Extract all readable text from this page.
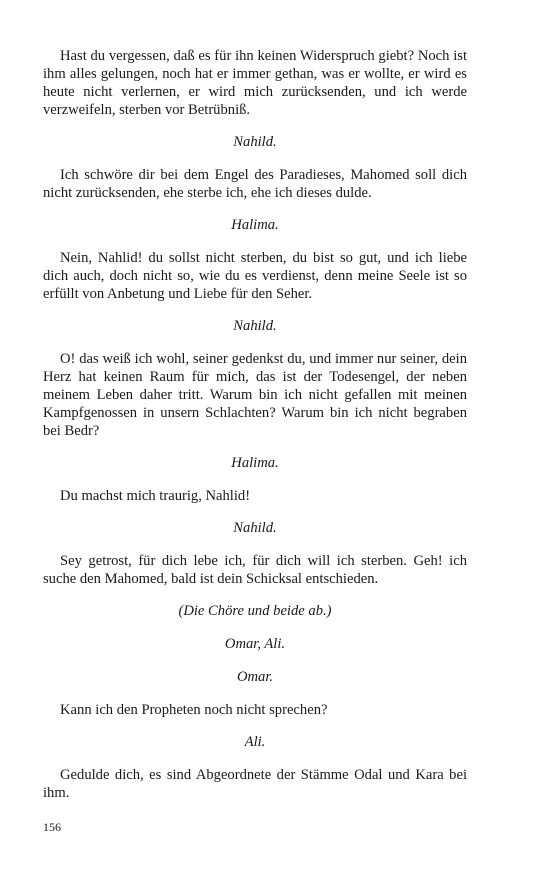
Hast du vergessen, daß es für ihn keinen Widerspruch giebt? Noch ist ihm alles gelungen, noch hat er immer gethan, was er wollte, er wird es heute nicht verlernen, er wird mich zurücksenden, und ich werde verzweifeln, sterben vor Betrübniß.

Nahild.

Ich schwöre dir bei dem Engel des Paradieses, Mahomed soll dich nicht zurücksenden, ehe sterbe ich, ehe ich dieses dulde.

Halima.

Nein, Nahlid! du sollst nicht sterben, du bist so gut, und ich liebe dich auch, doch nicht so, wie du es verdienst, denn meine Seele ist so erfüllt von Anbetung und Liebe für den Seher.

Nahild.

O! das weiß ich wohl, seiner gedenkst du, und immer nur seiner, dein Herz hat keinen Raum für mich, das ist der Todesengel, der neben meinem Leben daher tritt. Warum bin ich nicht gefallen mit meinen Kampfgenossen in unsern Schlachten? Warum bin ich nicht begraben bei Bedr?

Halima.

Du machst mich traurig, Nahlid!

Nahild.

Sey getrost, für dich lebe ich, für dich will ich sterben. Geh! ich suche den Mahomed, bald ist dein Schicksal entschieden.

(Die Chöre und beide ab.)

Omar, Ali.

Omar.

Kann ich den Propheten noch nicht sprechen?

Ali.

Gedulde dich, es sind Abgeordnete der Stämme Odal und Kara bei ihm.

156
